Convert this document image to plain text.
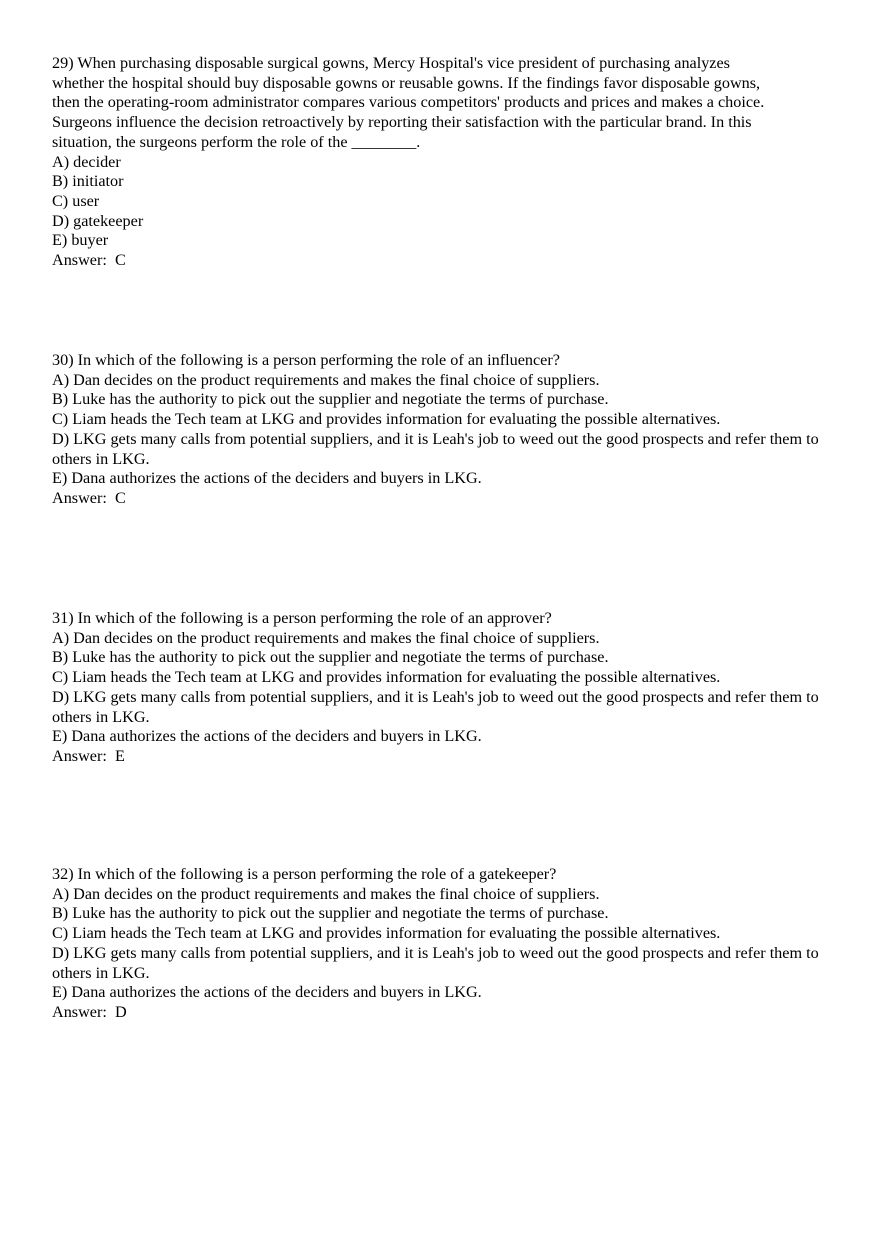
29) When purchasing disposable surgical gowns, Mercy Hospital's vice president of purchasing analyzes
whether the hospital should buy disposable gowns or reusable gowns. If the findings favor disposable gowns,
then the operating-room administrator compares various competitors' products and prices and makes a choice.
Surgeons influence the decision retroactively by reporting their satisfaction with the particular brand. In this
situation, the surgeons perform the role of the ________.
A) decider
B) initiator
C) user
D) gatekeeper
E) buyer
Answer:  C
30) In which of the following is a person performing the role of an influencer?
A) Dan decides on the product requirements and makes the final choice of suppliers.
B) Luke has the authority to pick out the supplier and negotiate the terms of purchase.
C) Liam heads the Tech team at LKG and provides information for evaluating the possible alternatives.
D) LKG gets many calls from potential suppliers, and it is Leah's job to weed out the good prospects and refer them to others in LKG.
E) Dana authorizes the actions of the deciders and buyers in LKG.
Answer:  C
31) In which of the following is a person performing the role of an approver?
A) Dan decides on the product requirements and makes the final choice of suppliers.
B) Luke has the authority to pick out the supplier and negotiate the terms of purchase.
C) Liam heads the Tech team at LKG and provides information for evaluating the possible alternatives.
D) LKG gets many calls from potential suppliers, and it is Leah's job to weed out the good prospects and refer them to others in LKG.
E) Dana authorizes the actions of the deciders and buyers in LKG.
Answer:  E
32) In which of the following is a person performing the role of a gatekeeper?
A) Dan decides on the product requirements and makes the final choice of suppliers.
B) Luke has the authority to pick out the supplier and negotiate the terms of purchase.
C) Liam heads the Tech team at LKG and provides information for evaluating the possible alternatives.
D) LKG gets many calls from potential suppliers, and it is Leah's job to weed out the good prospects and refer them to others in LKG.
E) Dana authorizes the actions of the deciders and buyers in LKG.
Answer:  D
